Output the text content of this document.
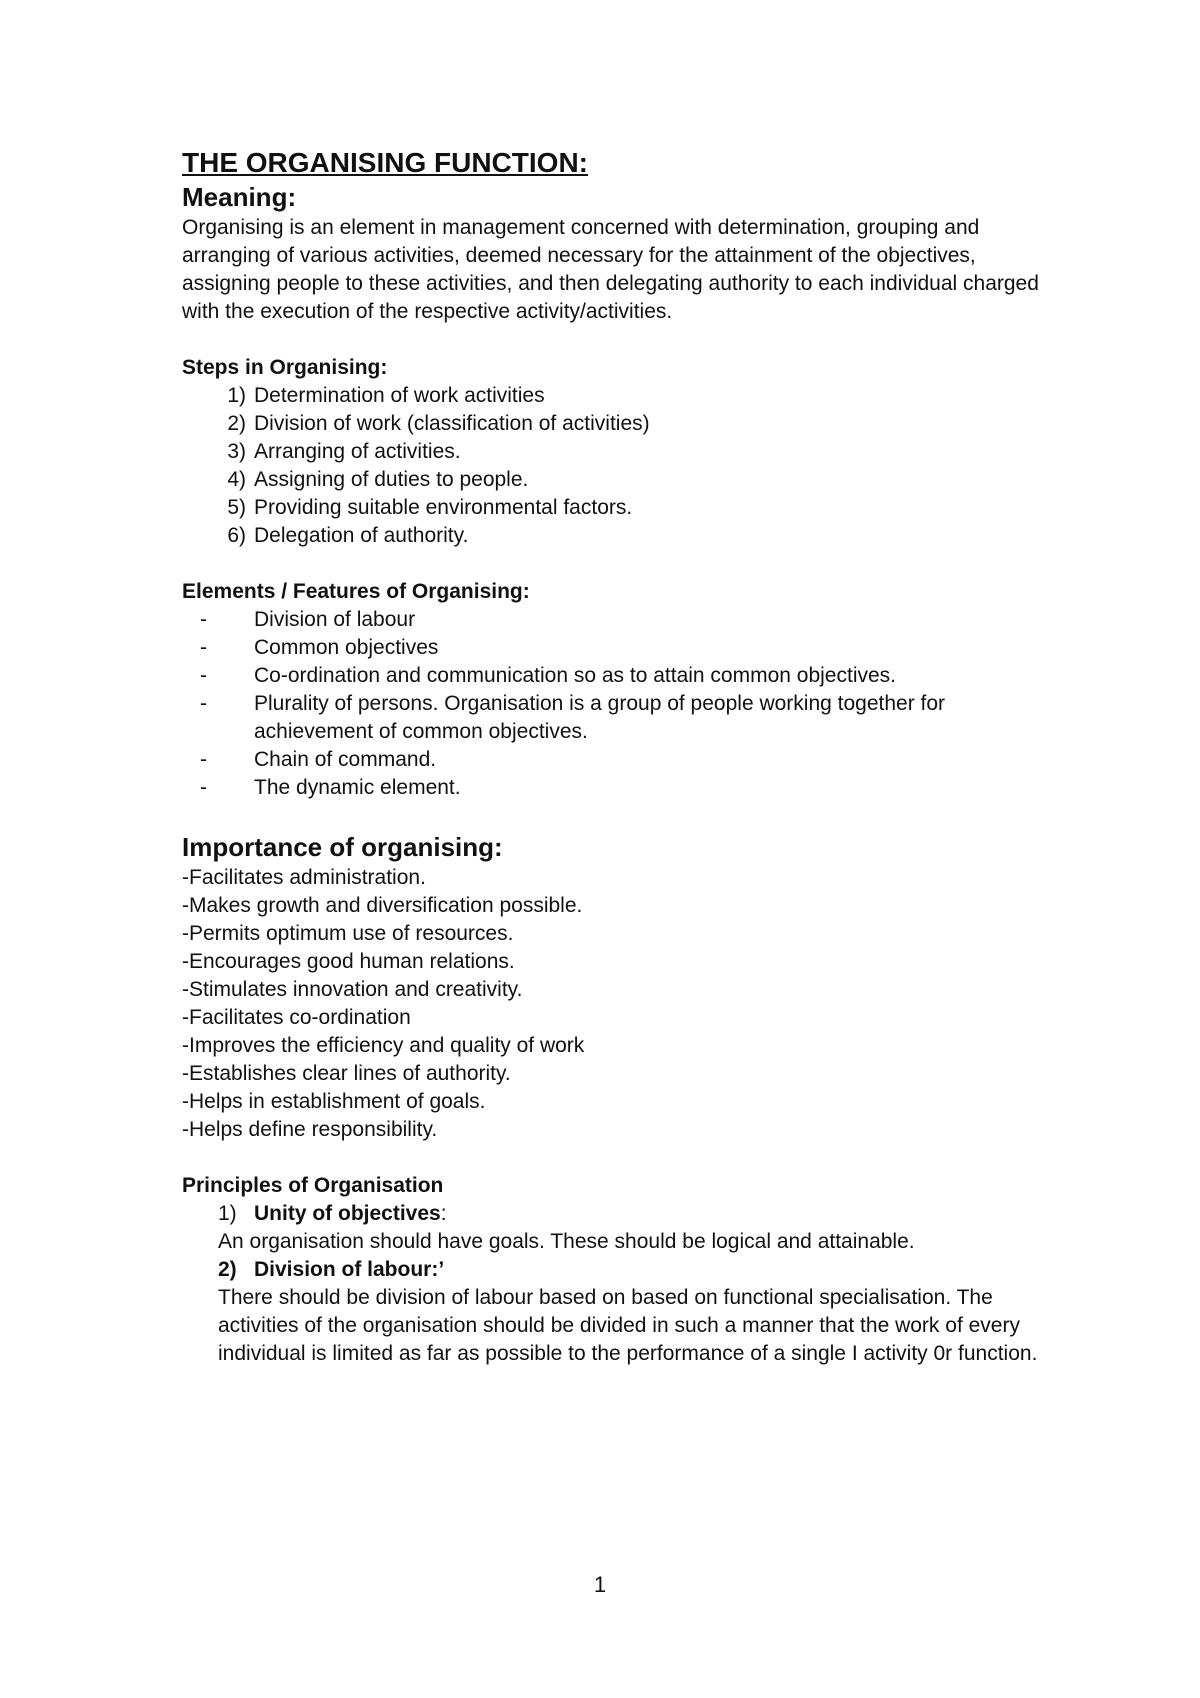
THE ORGANISING FUNCTION:
Meaning:

Organising is an element in management concerned with determination, grouping and arranging of various activities, deemed necessary for the attainment of the objectives, assigning people to these activities, and then delegating authority to each individual charged with the execution of the respective activity/activities.

Steps in Organising:
1) Determination of work activities
2) Division of work (classification of activities)
3) Arranging of activities.
4) Assigning of duties to people.
5) Providing suitable environmental factors.
6) Delegation of authority.
Elements / Features of Organising:
-	Division of labour
-	Common objectives
-	Co-ordination and communication so as to attain common objectives.
-	Plurality of persons. Organisation is a group of people working together for achievement of common objectives.
-	Chain of command.
-	The dynamic element.
Importance of organising:

-Facilitates administration.

-Makes growth and diversification possible.

-Permits optimum use of resources.

-Encourages good human relations.

-Stimulates innovation and creativity.

-Facilitates co-ordination

-Improves the efficiency and quality of work

-Establishes clear lines of authority.

-Helps in establishment of goals.

-Helps define responsibility.

Principles of Organisation
1) Unity of objectives:

An organisation should have goals. These should be logical and attainable.

2) Division of labour:’

There should be division of labour based on based on functional specialisation. The activities of the organisation should be divided in such a manner that the work of every individual is limited as far as possible to the performance of a single I activity 0r function.

1
